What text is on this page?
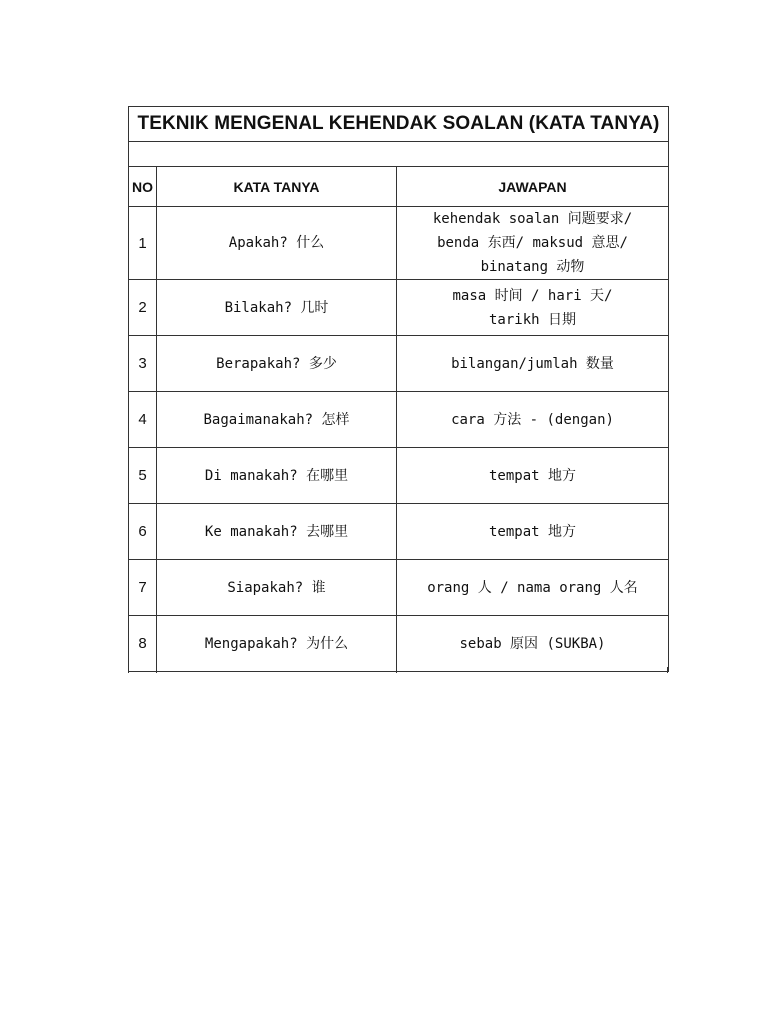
TEKNIK MENGENAL KEHENDAK SOALAN (KATA TANYA)		

NO	KATA TANYA	JAWAPAN
1	Apakah? 什么	kehendak soalan 问题要求/
benda 东西/ maksud 意思/
binatang 动物

2	Bilakah? 几时	masa 时间 / hari 天/
tarikh 日期

3	Berapakah? 多少	bilangan/jumlah 数量

4	Bagaimanakah? 怎样	cara 方法 - (dengan)

5	Di manakah? 在哪里	tempat 地方

6	Ke manakah? 去哪里	tempat 地方

7	Siapakah? 谁	orang 人 / nama orang 人名

8	Mengapakah? 为什么	sebab 原因 (SUKBA)
